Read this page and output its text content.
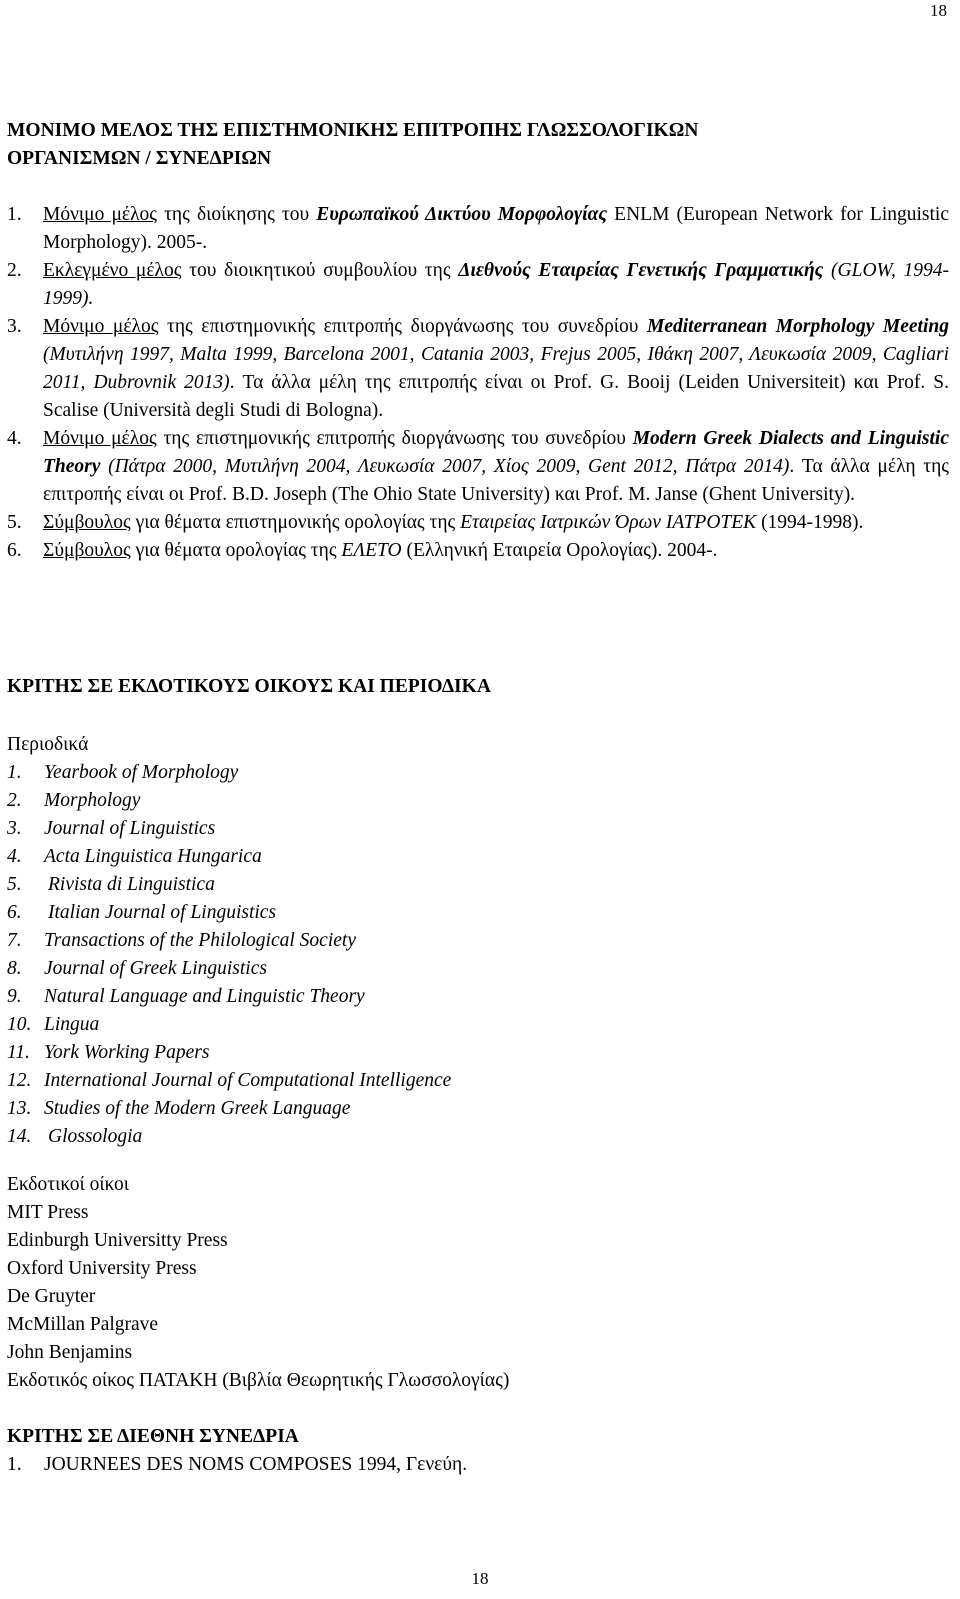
18

ΜΟΝΙΜΟ ΜΕΛΟΣ ΤΗΣ ΕΠΙΣΤΗΜΟΝΙΚΗΣ ΕΠΙΤΡΟΠΗΣ ΓΛΩΣΣΟΛΟΓΙΚΩΝ
ΟΡΓΑΝΙΣΜΩΝ / ΣΥΝΕΔΡΙΩΝ

1.	Μόνιμο μέλος της διοίκησης του Ευρωπαϊκού Δικτύου Μορφολογίας ENLM (European Network for Linguistic Morphology). 2005-.
2.	Εκλεγμένο μέλος του διοικητικού συμβουλίου της Διεθνούς Εταιρείας Γενετικής Γραμματικής (GLOW, 1994-1999).
3.	Μόνιμο μέλος της επιστημονικής επιτροπής διοργάνωσης του συνεδρίου Mediterranean Morphology Meeting (Μυτιλήνη 1997, Malta 1999, Barcelona 2001, Catania 2003, Frejus 2005, Ιθάκη 2007, Λευκωσία 2009, Cagliari 2011, Dubrovnik 2013). Τα άλλα μέλη της επιτροπής είναι οι Prof. G. Booij (Leiden Universiteit) και Prof. S. Scalise (Università degli Studi di Bologna).
4.	Μόνιμο μέλος της επιστημονικής επιτροπής διοργάνωσης του συνεδρίου Modern Greek Dialects and Linguistic Theory (Πάτρα 2000, Μυτιλήνη 2004, Λευκωσία 2007, Χίος 2009, Gent 2012, Πάτρα 2014). Τα άλλα μέλη της επιτροπής είναι οι Prof. B.D. Joseph (The Ohio State University) και Prof. M. Janse (Ghent University).
5.	Σύμβουλος για θέματα επιστημονικής ορολογίας της Εταιρείας Ιατρικών Όρων ΙΑΤΡΟΤΕΚ (1994-1998).
6.	Σύμβουλος για θέματα ορολογίας της ΕΛΕΤΟ (Ελληνική Εταιρεία Ορολογίας). 2004-.

ΚΡΙΤΗΣ ΣΕ ΕΚΔΟΤΙΚΟΥΣ ΟΙΚΟΥΣ ΚΑΙ ΠΕΡΙΟΔΙΚΑ

Περιοδικά
1. Yearbook of Morphology
2. Morphology
3. Journal of Linguistics
4. Acta Linguistica Hungarica
5. Rivista di Linguistica
6. Italian Journal of Linguistics
7. Transactions of the Philological Society
8. Journal of Greek Linguistics
9. Natural Language and Linguistic Theory
10. Lingua
11. York Working Papers
12. International Journal of Computational Intelligence
13. Studies of the Modern Greek Language
14. Glossologia
Εκδοτικοί οίκοι
MIT Press
Edinburgh Universitty Press
Oxford University Press
De Gruyter
McMillan Palgrave
John Benjamins
Εκδοτικός οίκος ΠΑΤΑΚΗ (Βιβλία Θεωρητικής Γλωσσολογίας)

ΚΡΙΤΗΣ ΣΕ ΔΙΕΘΝΗ ΣΥΝΕΔΡΙΑ

1. JOURNEES DES NOMS COMPOSES 1994, Γενεύη.
18
